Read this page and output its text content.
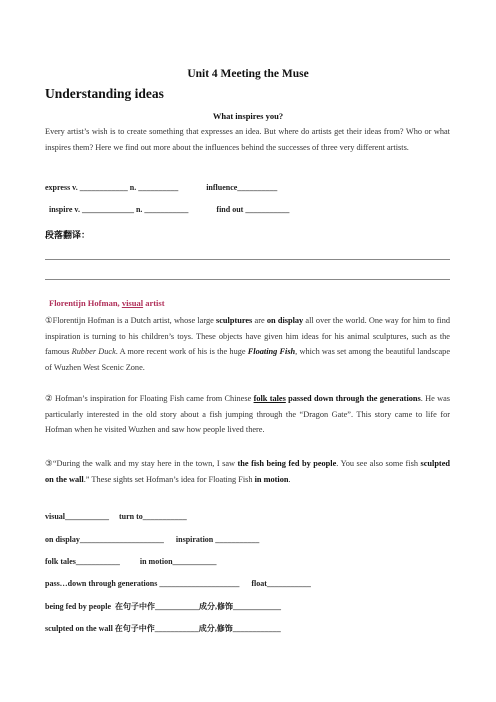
Unit 4 Meeting the Muse
Understanding ideas
What inspires you?
Every artist’s wish is to create something that expresses an idea. But where do artists get their ideas from? Who or what inspires them? Here we find out more about the influences behind the successes of three very different artists.
express v. ____________ n. __________              influence__________
inspire v. _____________ n. ___________              find out ___________
段落翻译：
Florentijn Hofman, visual artist
①Florentijn Hofman is a Dutch artist, whose large sculptures are on display all over the world. One way for him to find inspiration is turning to his children’s toys. These objects have given him ideas for his animal sculptures, such as the famous Rubber Duck. A more recent work of his is the huge Floating Fish, which was set among the beautiful landscape of Wuzhen West Scenic Zone.
② Hofman’s inspiration for Floating Fish came from Chinese folk tales passed down through the generations. He was particularly interested in the old story about a fish jumping through the “Dragon Gate”. This story came to life for Hofman when he visited Wuzhen and saw how people lived there.
③“During the walk and my stay here in the town, I saw the fish being fed by people. You see also some fish sculpted on the wall.” These sights set Hofman’s idea for Floating Fish in motion.
visual___________     turn to___________
on display_____________________      inspiration ___________
folk tales___________          in motion___________
pass…down through generations ____________________      float___________
being fed by people  在句子中作___________成分,修饰____________
sculpted on the wall 在句子中作___________成分,修饰____________
